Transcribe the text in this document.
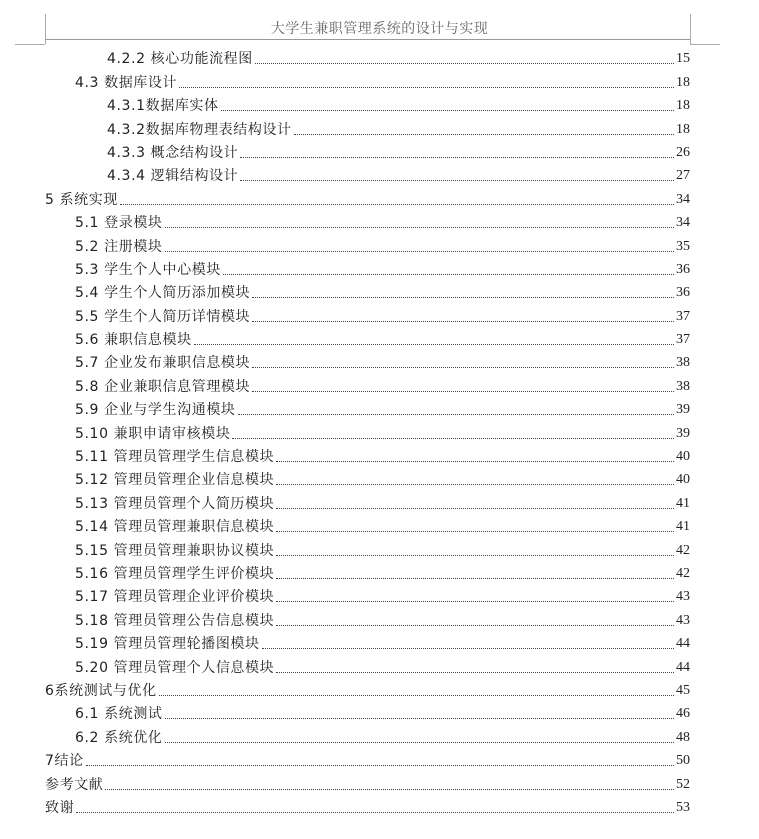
大学生兼职管理系统的设计与实现
4.2.2 核心功能流程图	15
4.3 数据库设计	18
4.3.1数据库实体	18
4.3.2数据库物理表结构设计	18
4.3.3 概念结构设计	26
4.3.4 逻辑结构设计	27
5 系统实现	34
5.1 登录模块	34
5.2 注册模块	35
5.3 学生个人中心模块	36
5.4 学生个人简历添加模块	36
5.5 学生个人简历详情模块	37
5.6 兼职信息模块	37
5.7 企业发布兼职信息模块	38
5.8 企业兼职信息管理模块	38
5.9 企业与学生沟通模块	39
5.10 兼职申请审核模块	39
5.11 管理员管理学生信息模块	40
5.12 管理员管理企业信息模块	40
5.13 管理员管理个人简历模块	41
5.14 管理员管理兼职信息模块	41
5.15 管理员管理兼职协议模块	42
5.16 管理员管理学生评价模块	42
5.17 管理员管理企业评价模块	43
5.18 管理员管理公告信息模块	43
5.19 管理员管理轮播图模块	44
5.20 管理员管理个人信息模块	44
6系统测试与优化	45
6.1 系统测试	46
6.2 系统优化	48
7结论	50
参考文献	52
致谢	53
